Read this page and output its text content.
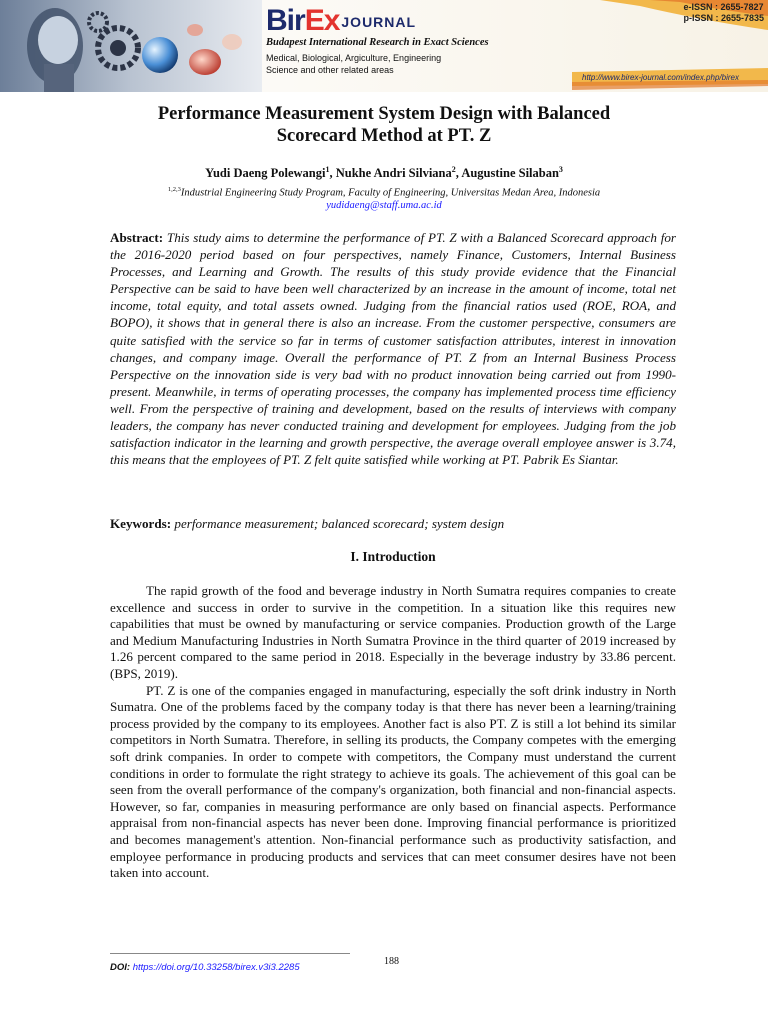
BirEx JOURNAL
Budapest International Research in Exact Sciences
Medical, Biological, Argiculture, Engineering
Science and other related areas
e-ISSN : 2655-7827
p-ISSN : 2655-7835
http://www.birex-journal.com/index.php/birex
Performance Measurement System Design with Balanced
Scorecard Method at PT. Z
Yudi Daeng Polewangi$^1$, Nukhe Andri Silviana$^2$, Augustine Silaban$^3$
$^{1,2,3}$Industrial Engineering Study Program, Faculty of Engineering, Universitas Medan Area, Indonesia
yudidaeng@staff.uma.ac.id
Abstract: This study aims to determine the performance of PT. Z with a Balanced Scorecard approach for the 2016-2020 period based on four perspectives, namely Finance, Customers, Internal Business Processes, and Learning and Growth. The results of this study provide evidence that the Financial Perspective can be said to have been well characterized by an increase in the amount of income, total net income, total equity, and total assets owned. Judging from the financial ratios used (ROE, ROA, and BOPO), it shows that in general there is also an increase. From the customer perspective, consumers are quite satisfied with the service so far in terms of customer satisfaction attributes, interest in innovation changes, and company image. Overall the performance of PT. Z from an Internal Business Process Perspective on the innovation side is very bad with no product innovation being carried out from 1990-present. Meanwhile, in terms of operating processes, the company has implemented process time efficiency well. From the perspective of training and development, based on the results of interviews with company leaders, the company has never conducted training and development for employees. Judging from the job satisfaction indicator in the learning and growth perspective, the average overall employee answer is 3.74, this means that the employees of PT. Z felt quite satisfied while working at PT. Pabrik Es Siantar.
Keywords: performance measurement; balanced scorecard; system design
I. Introduction

The rapid growth of the food and beverage industry in North Sumatra requires companies to create excellence and success in order to survive in the competition. In a situation like this requires new capabilities that must be owned by manufacturing or service companies. Production growth of the Large and Medium Manufacturing Industries in North Sumatra Province in the third quarter of 2019 increased by 1.26 percent compared to the same period in 2018. Especially in the beverage industry by 33.86 percent. (BPS, 2019).

PT. Z is one of the companies engaged in manufacturing, especially the soft drink industry in North Sumatra. One of the problems faced by the company today is that there has never been a learning/training process provided by the company to its employees. Another fact is also PT. Z is still a lot behind its similar competitors in North Sumatra. Therefore, in selling its products, the Company competes with the emerging soft drink companies. In order to compete with competitors, the Company must understand the current conditions in order to formulate the right strategy to achieve its goals. The achievement of this goal can be seen from the overall performance of the company's organization, both financial and non-financial aspects. However, so far, companies in measuring performance are only based on financial aspects. Performance appraisal from non-financial aspects has never been done. Improving financial performance is prioritized and becomes management's attention. Non-financial performance such as productivity satisfaction, and employee performance in producing products and services that can meet consumer desires have not been taken into account.

DOI: https://doi.org/10.33258/birex.v3i3.2285
188
